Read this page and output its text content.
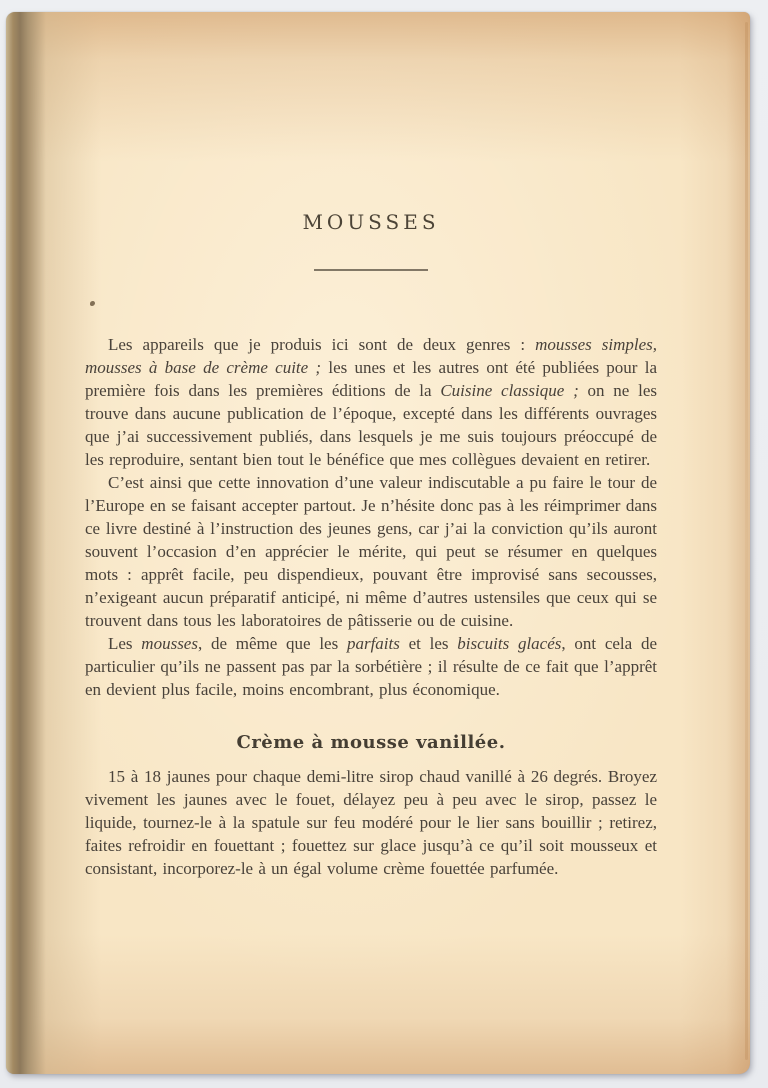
MOUSSES

Les appareils que je produis ici sont de deux genres : mousses simples, mousses à base de crème cuite ; les unes et les autres ont été publiées pour la première fois dans les premières éditions de la Cuisine classique ; on ne les trouve dans aucune publication de l’époque, excepté dans les différents ouvrages que j’ai successivement publiés, dans lesquels je me suis toujours préoccupé de les reproduire, sentant bien tout le bénéfice que mes collègues devaient en retirer.

C’est ainsi que cette innovation d’une valeur indiscutable a pu faire le tour de l’Europe en se faisant accepter partout. Je n’hésite donc pas à les réimprimer dans ce livre destiné à l’instruction des jeunes gens, car j’ai la conviction qu’ils auront souvent l’occasion d’en apprécier le mérite, qui peut se résumer en quelques mots : apprêt facile, peu dispendieux, pouvant être improvisé sans secousses, n’exigeant aucun préparatif anticipé, ni même d’autres ustensiles que ceux qui se trouvent dans tous les laboratoires de pâtisserie ou de cuisine.

Les mousses, de même que les parfaits et les biscuits glacés, ont cela de particulier qu’ils ne passent pas par la sorbétière ; il résulte de ce fait que l’apprêt en devient plus facile, moins encombrant, plus économique.

Crème à mousse vanillée.

15 à 18 jaunes pour chaque demi-litre sirop chaud vanillé à 26 degrés. Broyez vivement les jaunes avec le fouet, délayez peu à peu avec le sirop, passez le liquide, tournez-le à la spatule sur feu modéré pour le lier sans bouillir ; retirez, faites refroidir en fouettant ; fouettez sur glace jusqu’à ce qu’il soit mousseux et consistant, incorporez-le à un égal volume crème fouettée parfumée.
